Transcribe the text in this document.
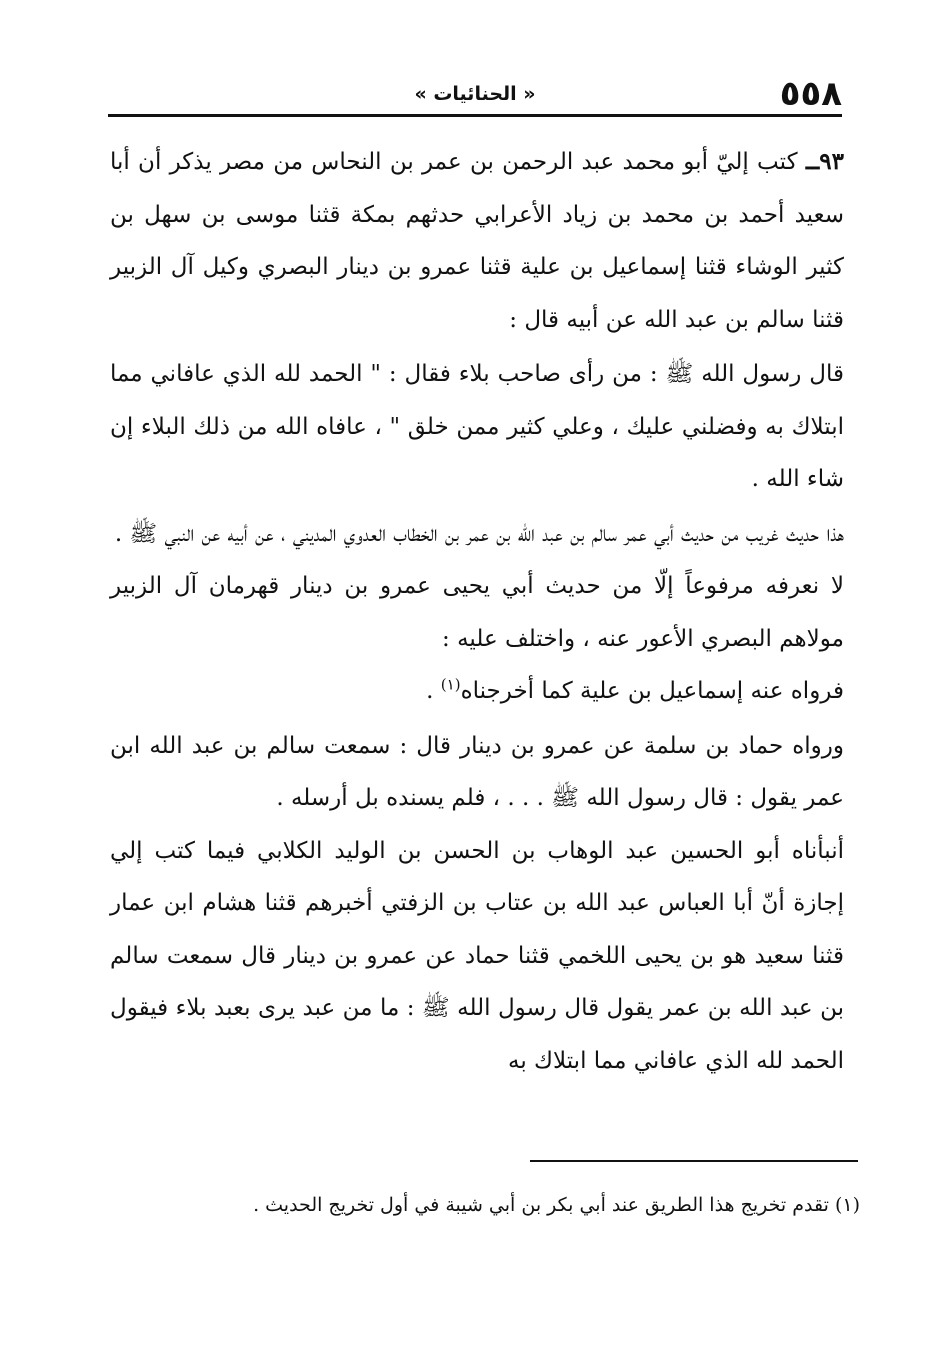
٥٥٨
« الحنائيات »

٩٣ــ كتب إليّ أبو محمد عبد الرحمن بن عمر بن النحاس من مصر يذكر أن أبا سعيد أحمد بن محمد بن زياد الأعرابي حدثهم بمكة قثنا موسى بن سهل بن كثير الوشاء قثنا إسماعيل بن علية قثنا عمرو بن دينار البصري وكيل آل الزبير قثنا سالم بن عبد الله عن أبيه قال :

قال رسول الله ﷺ : من رأى صاحب بلاء فقال : " الحمد لله الذي عافاني مما ابتلاك به وفضلني عليك ، وعلي كثير ممن خلق " ، عافاه الله من ذلك البلاء إن شاء الله .

هذا حديث غريب من حديث أبي عمر سالم بن عبد الله بن عمر بن الخطاب العدوي المديني ، عن أبيه عن النبي ﷺ .

لا نعرفه مرفوعاً إلّا من حديث أبي يحيى عمرو بن دينار قهرمان آل الزبير مولاهم البصري الأعور عنه ، واختلف عليه :

فرواه عنه إسماعيل بن علية كما أخرجناه$^{(١)}$ .

ورواه حماد بن سلمة عن عمرو بن دينار قال : سمعت سالم بن عبد الله ابن عمر يقول : قال رسول الله ﷺ . . . ، فلم يسنده بل أرسله .

أنبأناه أبو الحسين عبد الوهاب بن الحسن بن الوليد الكلابي فيما كتب إلي إجازة أنّ أبا العباس عبد الله بن عتاب بن الزفتي أخبرهم قثنا هشام ابن عمار قثنا سعيد هو بن يحيى اللخمي قثنا حماد عن عمرو بن دينار قال سمعت سالم بن عبد الله بن عمر يقول قال رسول الله ﷺ : ما من عبد يرى بعبد بلاء فيقول الحمد لله الذي عافاني مما ابتلاك به

(١) تقدم تخريج هذا الطريق عند أبي بكر بن أبي شيبة في أول تخريج الحديث .
